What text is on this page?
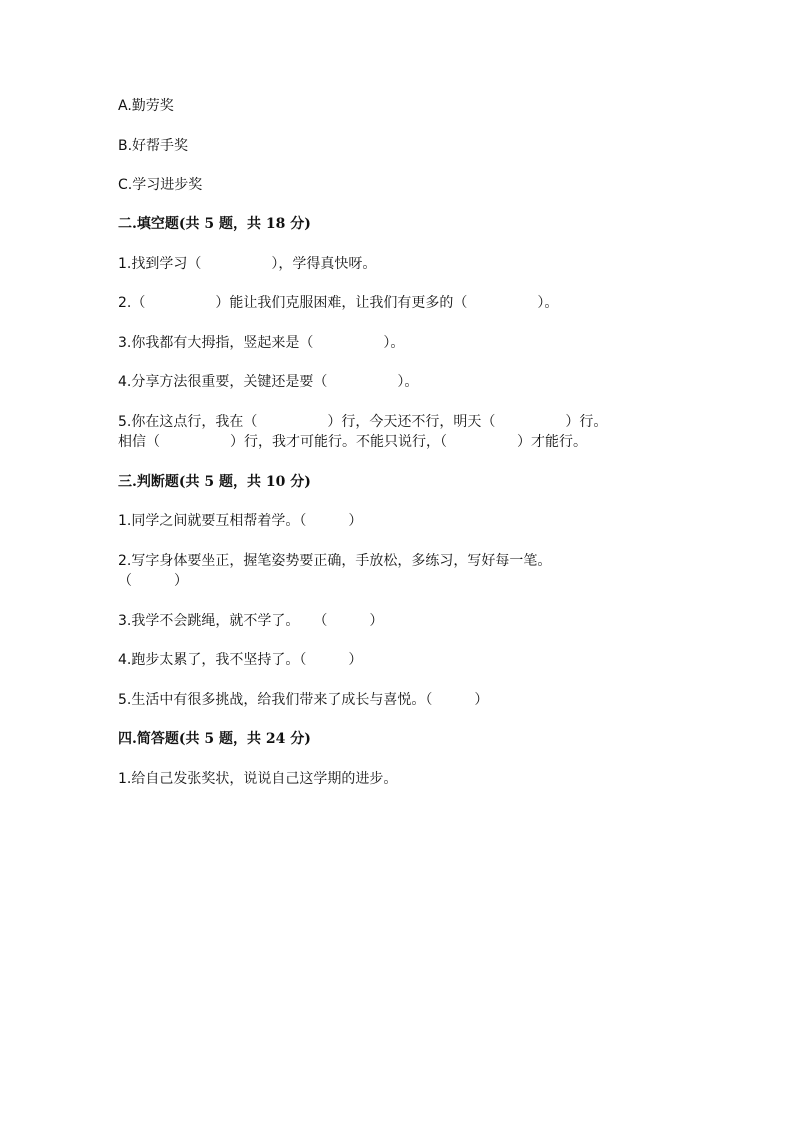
A.勤劳奖
B.好帮手奖
C.学习进步奖
二.填空题(共 5 题，共 18 分)
1.找到学习（　　　　　），学得真快呀。
2.（　　　　　）能让我们克服困难，让我们有更多的（　　　　　）。
3.你我都有大拇指，竖起来是（　　　　　）。
4.分享方法很重要，关键还是要（　　　　　）。
5.你在这点行，我在（　　　　　）行，今天还不行，明天（　　　　　）行。
相信（　　　　　）行，我才可能行。不能只说行，（　　　　　）才能行。
三.判断题(共 5 题，共 10 分)
1.同学之间就要互相帮着学。（　　　）
2.写字身体要坐正，握笔姿势要正确，手放松，多练习，写好每一笔。
（　　　）
3.我学不会跳绳，就不学了。　　（　　　）
4.跑步太累了，我不坚持了。（　　　）
5.生活中有很多挑战，给我们带来了成长与喜悦。（　　　）
四.简答题(共 5 题，共 24 分)
1.给自己发张奖状，说说自己这学期的进步。
